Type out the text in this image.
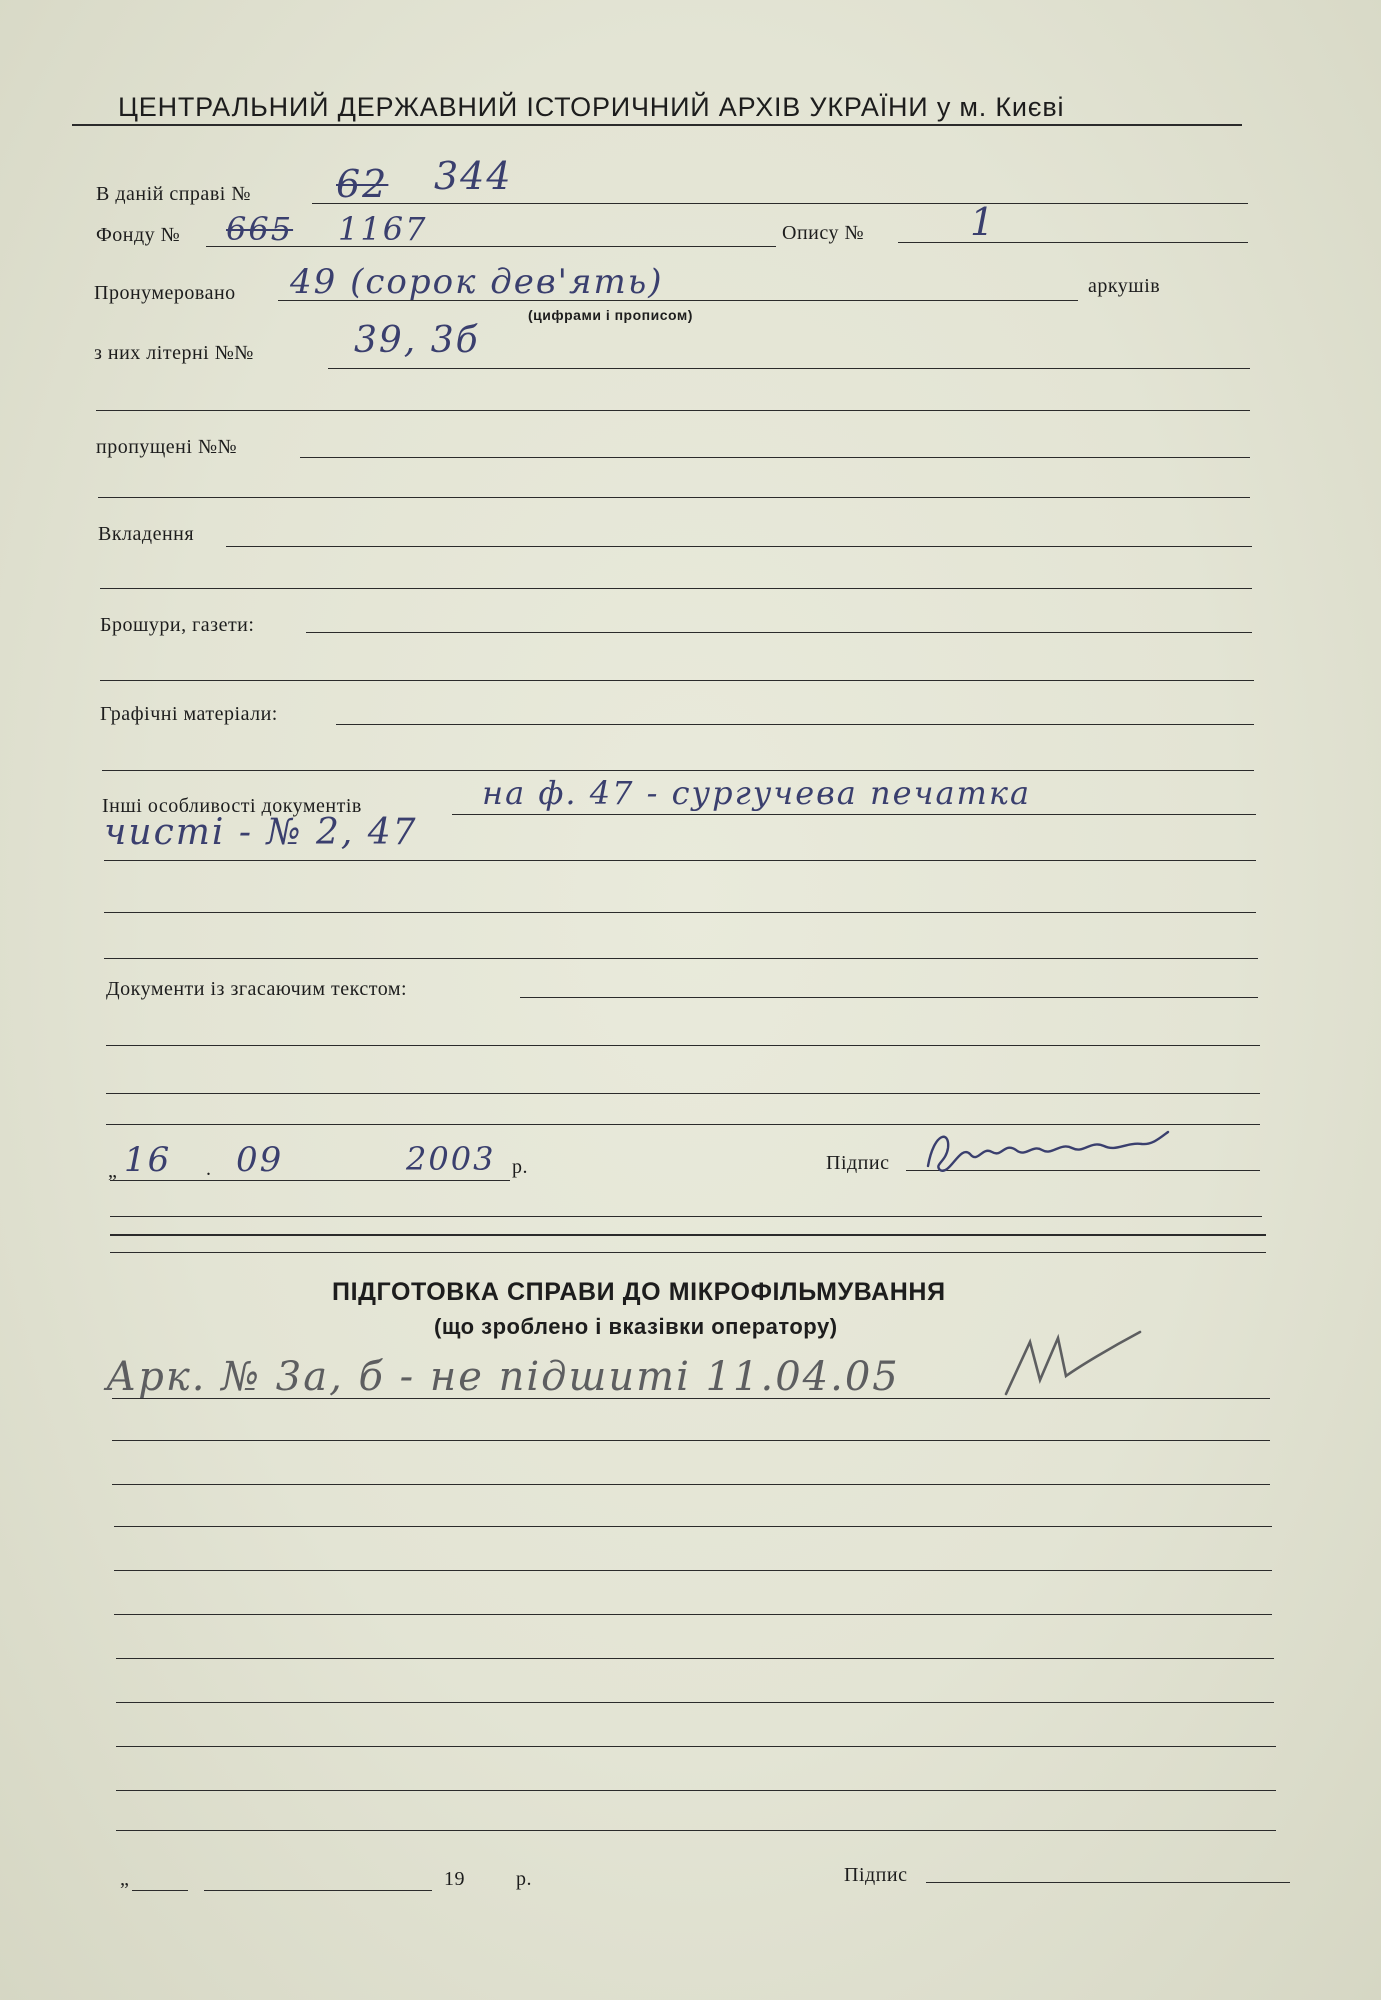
ЦЕНТРАЛЬНИЙ ДЕРЖАВНИЙ ІСТОРИЧНИЙ АРХІВ УКРАЇНИ у м. Києві
В даній справі № 62 344
Фонду № 665 1167	Опису №	1
Пронумеровано 49 (сорок дев'ять)
(цифрами і прописом)
аркушів
з них літерні №№	39, 3б
пропущені №№
Вкладення
Брошури, газети:
Графічні матеріали:
Інші особливості документів	на ф. 47 - сургучева печатка
чисті - № 2, 47
Документи із згасаючим текстом:
„ 16 . 09	2003 р.	Підпис
ПІДГОТОВКА СПРАВИ ДО МІКРОФІЛЬМУВАННЯ
(що зроблено і вказівки оператору)
Арк. № 3а, б - не підшиті 11.04.05
„	19	р.	Підпис
